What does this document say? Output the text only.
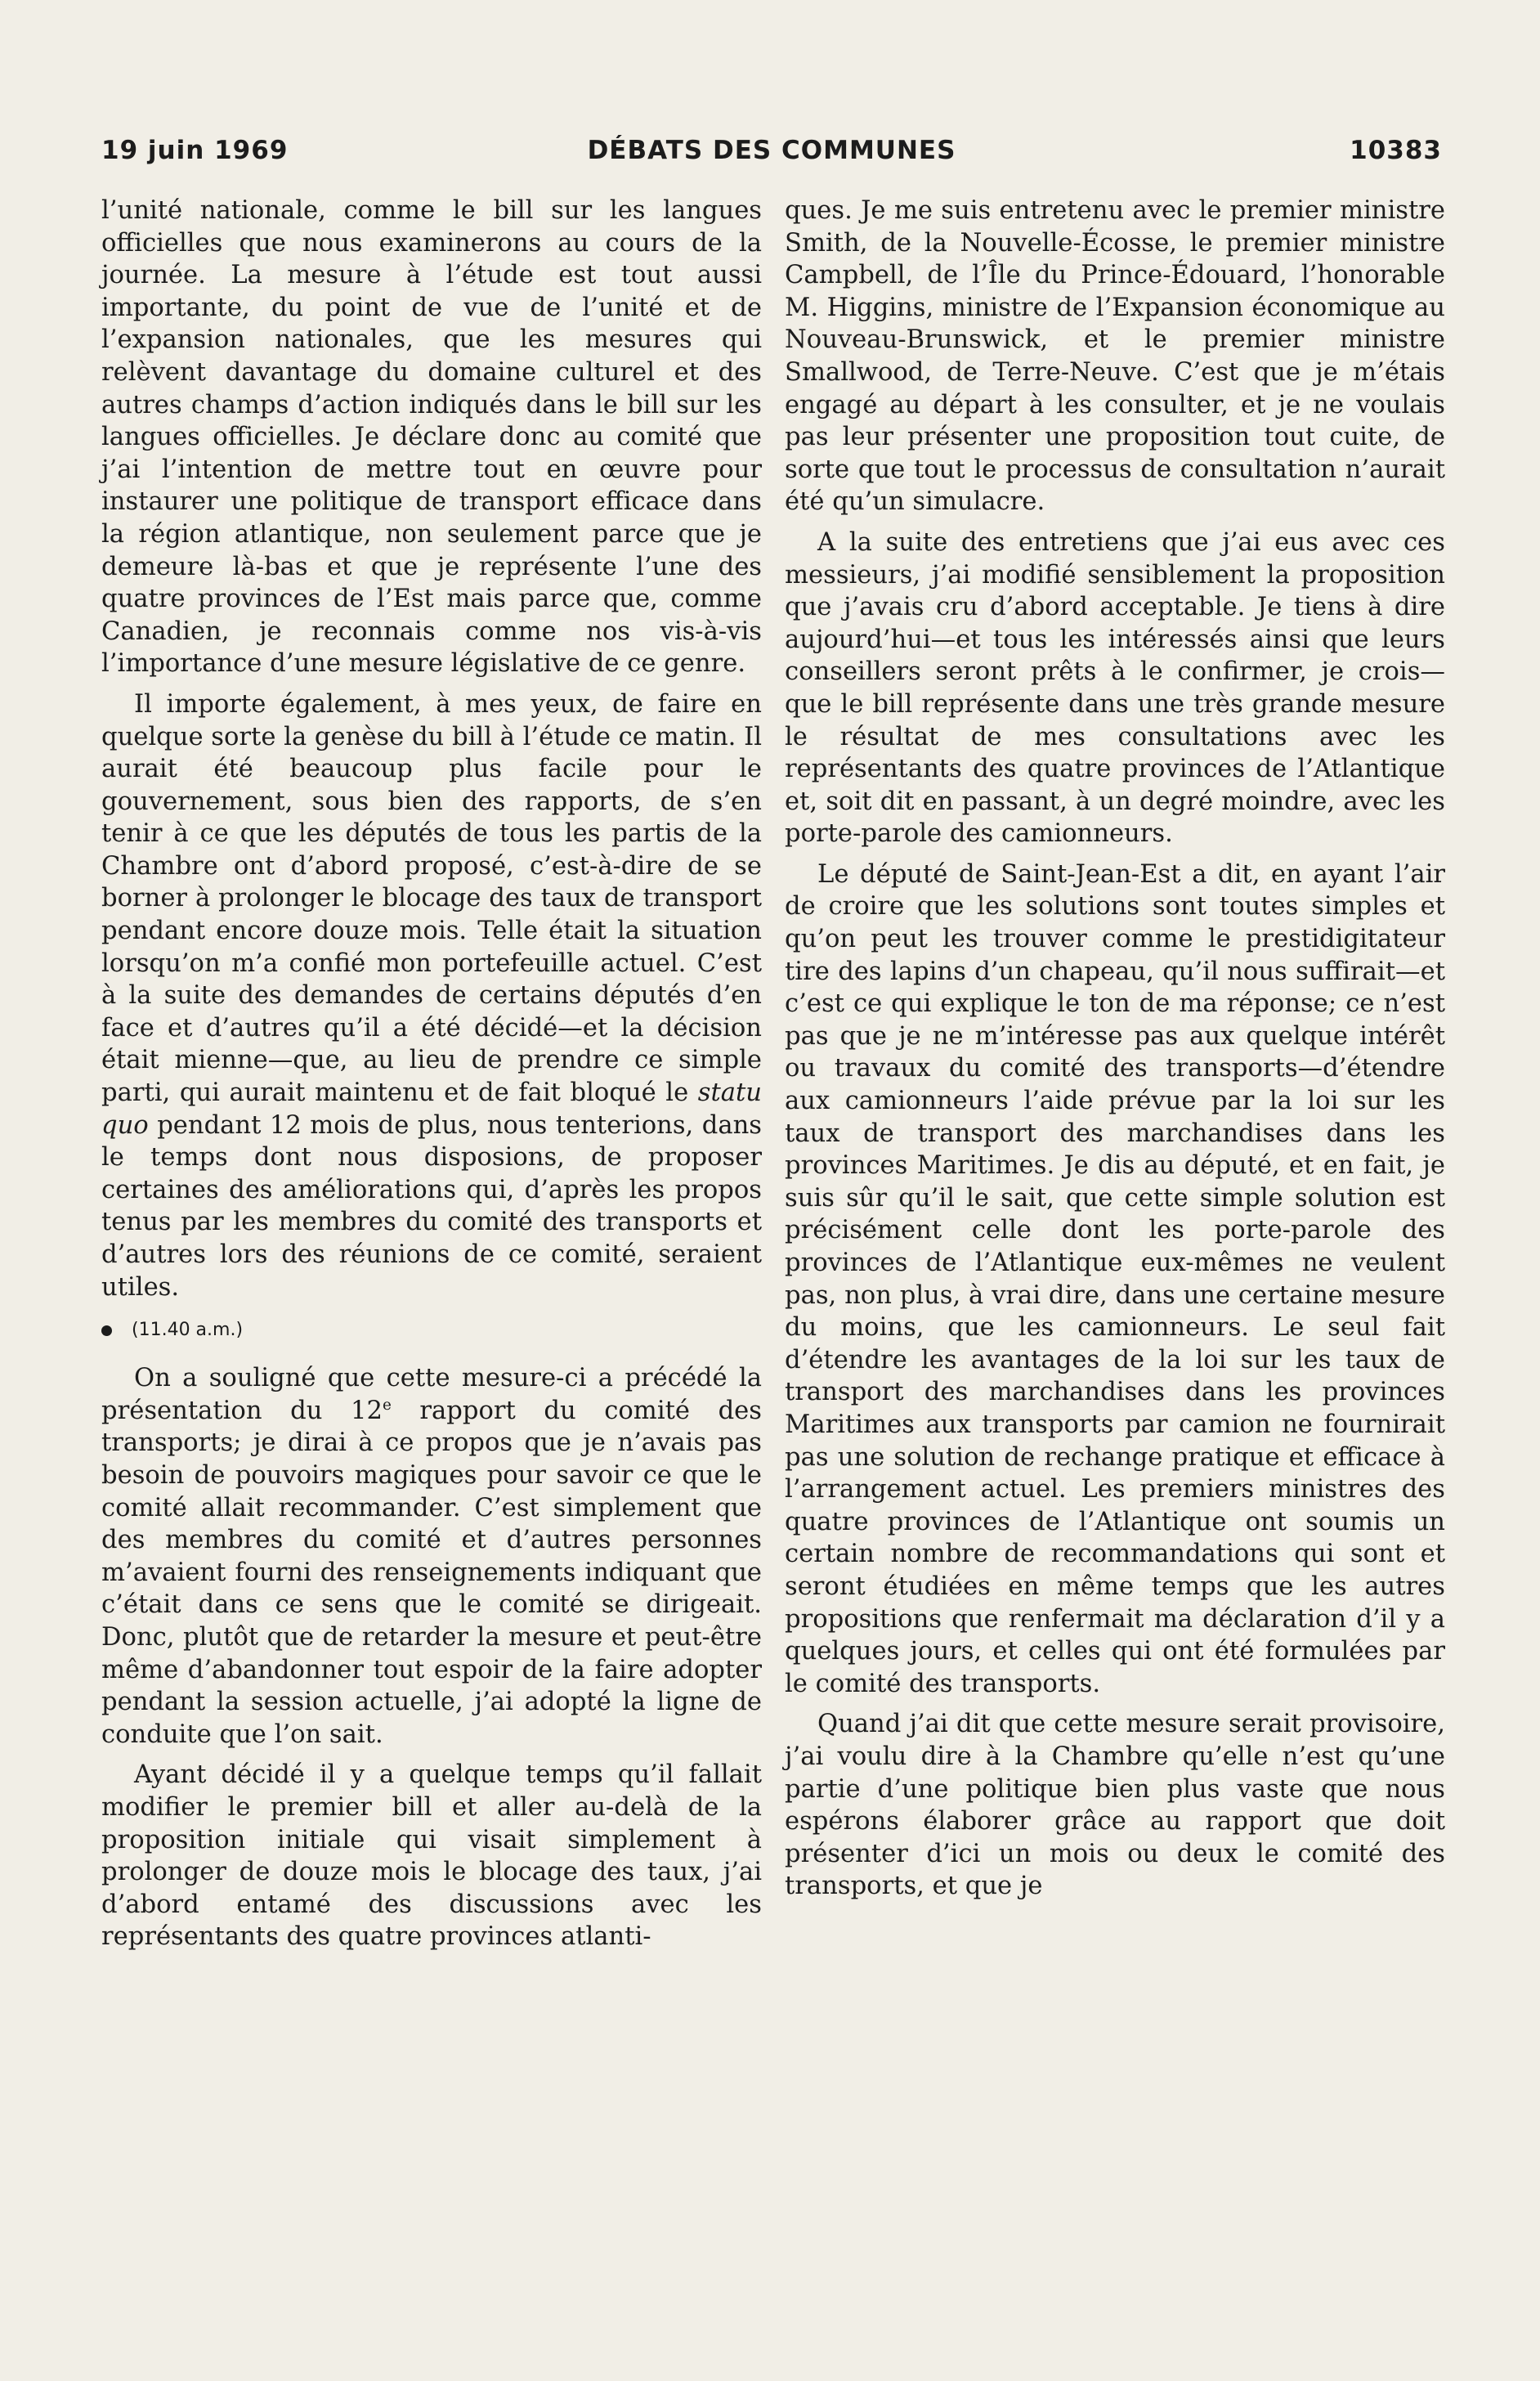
19 juin 1969	DÉBATS DES COMMUNES	10383

l’unité nationale, comme le bill sur les langues officielles que nous examinerons au cours de la journée. La mesure à l’étude est tout aussi importante, du point de vue de l’unité et de l’expansion nationales, que les mesures qui relèvent davantage du domaine culturel et des autres champs d’action indiqués dans le bill sur les langues officielles. Je déclare donc au comité que j’ai l’intention de mettre tout en œuvre pour instaurer une politique de transport efficace dans la région atlantique, non seulement parce que je demeure là-bas et que je représente l’une des quatre provinces de l’Est mais parce que, comme Canadien, je reconnais comme nos vis-à-vis l’importance d’une mesure législative de ce genre.

Il importe également, à mes yeux, de faire en quelque sorte la genèse du bill à l’étude ce matin. Il aurait été beaucoup plus facile pour le gouvernement, sous bien des rapports, de s’en tenir à ce que les députés de tous les partis de la Chambre ont d’abord proposé, c’est-à-dire de se borner à prolonger le blocage des taux de transport pendant encore douze mois. Telle était la situation lorsqu’on m’a confié mon portefeuille actuel. C’est à la suite des demandes de certains députés d’en face et d’autres qu’il a été décidé—et la décision était mienne—que, au lieu de prendre ce simple parti, qui aurait maintenu et de fait bloqué le statu quo pendant 12 mois de plus, nous tenterions, dans le temps dont nous disposions, de proposer certaines des améliorations qui, d’après les propos tenus par les membres du comité des transports et d’autres lors des réunions de ce comité, seraient utiles.

(11.40 a.m.)

On a souligné que cette mesure-ci a précédé la présentation du 12e rapport du comité des transports; je dirai à ce propos que je n’avais pas besoin de pouvoirs magiques pour savoir ce que le comité allait recommander. C’est simplement que des membres du comité et d’autres personnes m’avaient fourni des renseignements indiquant que c’était dans ce sens que le comité se dirigeait. Donc, plutôt que de retarder la mesure et peut-être même d’abandonner tout espoir de la faire adopter pendant la session actuelle, j’ai adopté la ligne de conduite que l’on sait.

Ayant décidé il y a quelque temps qu’il fallait modifier le premier bill et aller au-delà de la proposition initiale qui visait simplement à prolonger de douze mois le blocage des taux, j’ai d’abord entamé des discussions avec les représentants des quatre provinces atlanti-

ques. Je me suis entretenu avec le premier ministre Smith, de la Nouvelle-Écosse, le premier ministre Campbell, de l’Île du Prince-Édouard, l’honorable M. Higgins, ministre de l’Expansion économique au Nouveau-Brunswick, et le premier ministre Smallwood, de Terre-Neuve. C’est que je m’étais engagé au départ à les consulter, et je ne voulais pas leur présenter une proposition tout cuite, de sorte que tout le processus de consultation n’aurait été qu’un simulacre.

A la suite des entretiens que j’ai eus avec ces messieurs, j’ai modifié sensiblement la proposition que j’avais cru d’abord acceptable. Je tiens à dire aujourd’hui—et tous les intéressés ainsi que leurs conseillers seront prêts à le confirmer, je crois—que le bill représente dans une très grande mesure le résultat de mes consultations avec les représentants des quatre provinces de l’Atlantique et, soit dit en passant, à un degré moindre, avec les porte-parole des camionneurs.

Le député de Saint-Jean-Est a dit, en ayant l’air de croire que les solutions sont toutes simples et qu’on peut les trouver comme le prestidigitateur tire des lapins d’un chapeau, qu’il nous suffirait—et c’est ce qui explique le ton de ma réponse; ce n’est pas que je ne m’intéresse pas aux quelque intérêt ou travaux du comité des transports—d’étendre aux camionneurs l’aide prévue par la loi sur les taux de transport des marchandises dans les provinces Maritimes. Je dis au député, et en fait, je suis sûr qu’il le sait, que cette simple solution est précisément celle dont les porte-parole des provinces de l’Atlantique eux-mêmes ne veulent pas, non plus, à vrai dire, dans une certaine mesure du moins, que les camionneurs. Le seul fait d’étendre les avantages de la loi sur les taux de transport des marchandises dans les provinces Maritimes aux transports par camion ne fournirait pas une solution de rechange pratique et efficace à l’arrangement actuel. Les premiers ministres des quatre provinces de l’Atlantique ont soumis un certain nombre de recommandations qui sont et seront étudiées en même temps que les autres propositions que renfermait ma déclaration d’il y a quelques jours, et celles qui ont été formulées par le comité des transports.

Quand j’ai dit que cette mesure serait provisoire, j’ai voulu dire à la Chambre qu’elle n’est qu’une partie d’une politique bien plus vaste que nous espérons élaborer grâce au rapport que doit présenter d’ici un mois ou deux le comité des transports, et que je
